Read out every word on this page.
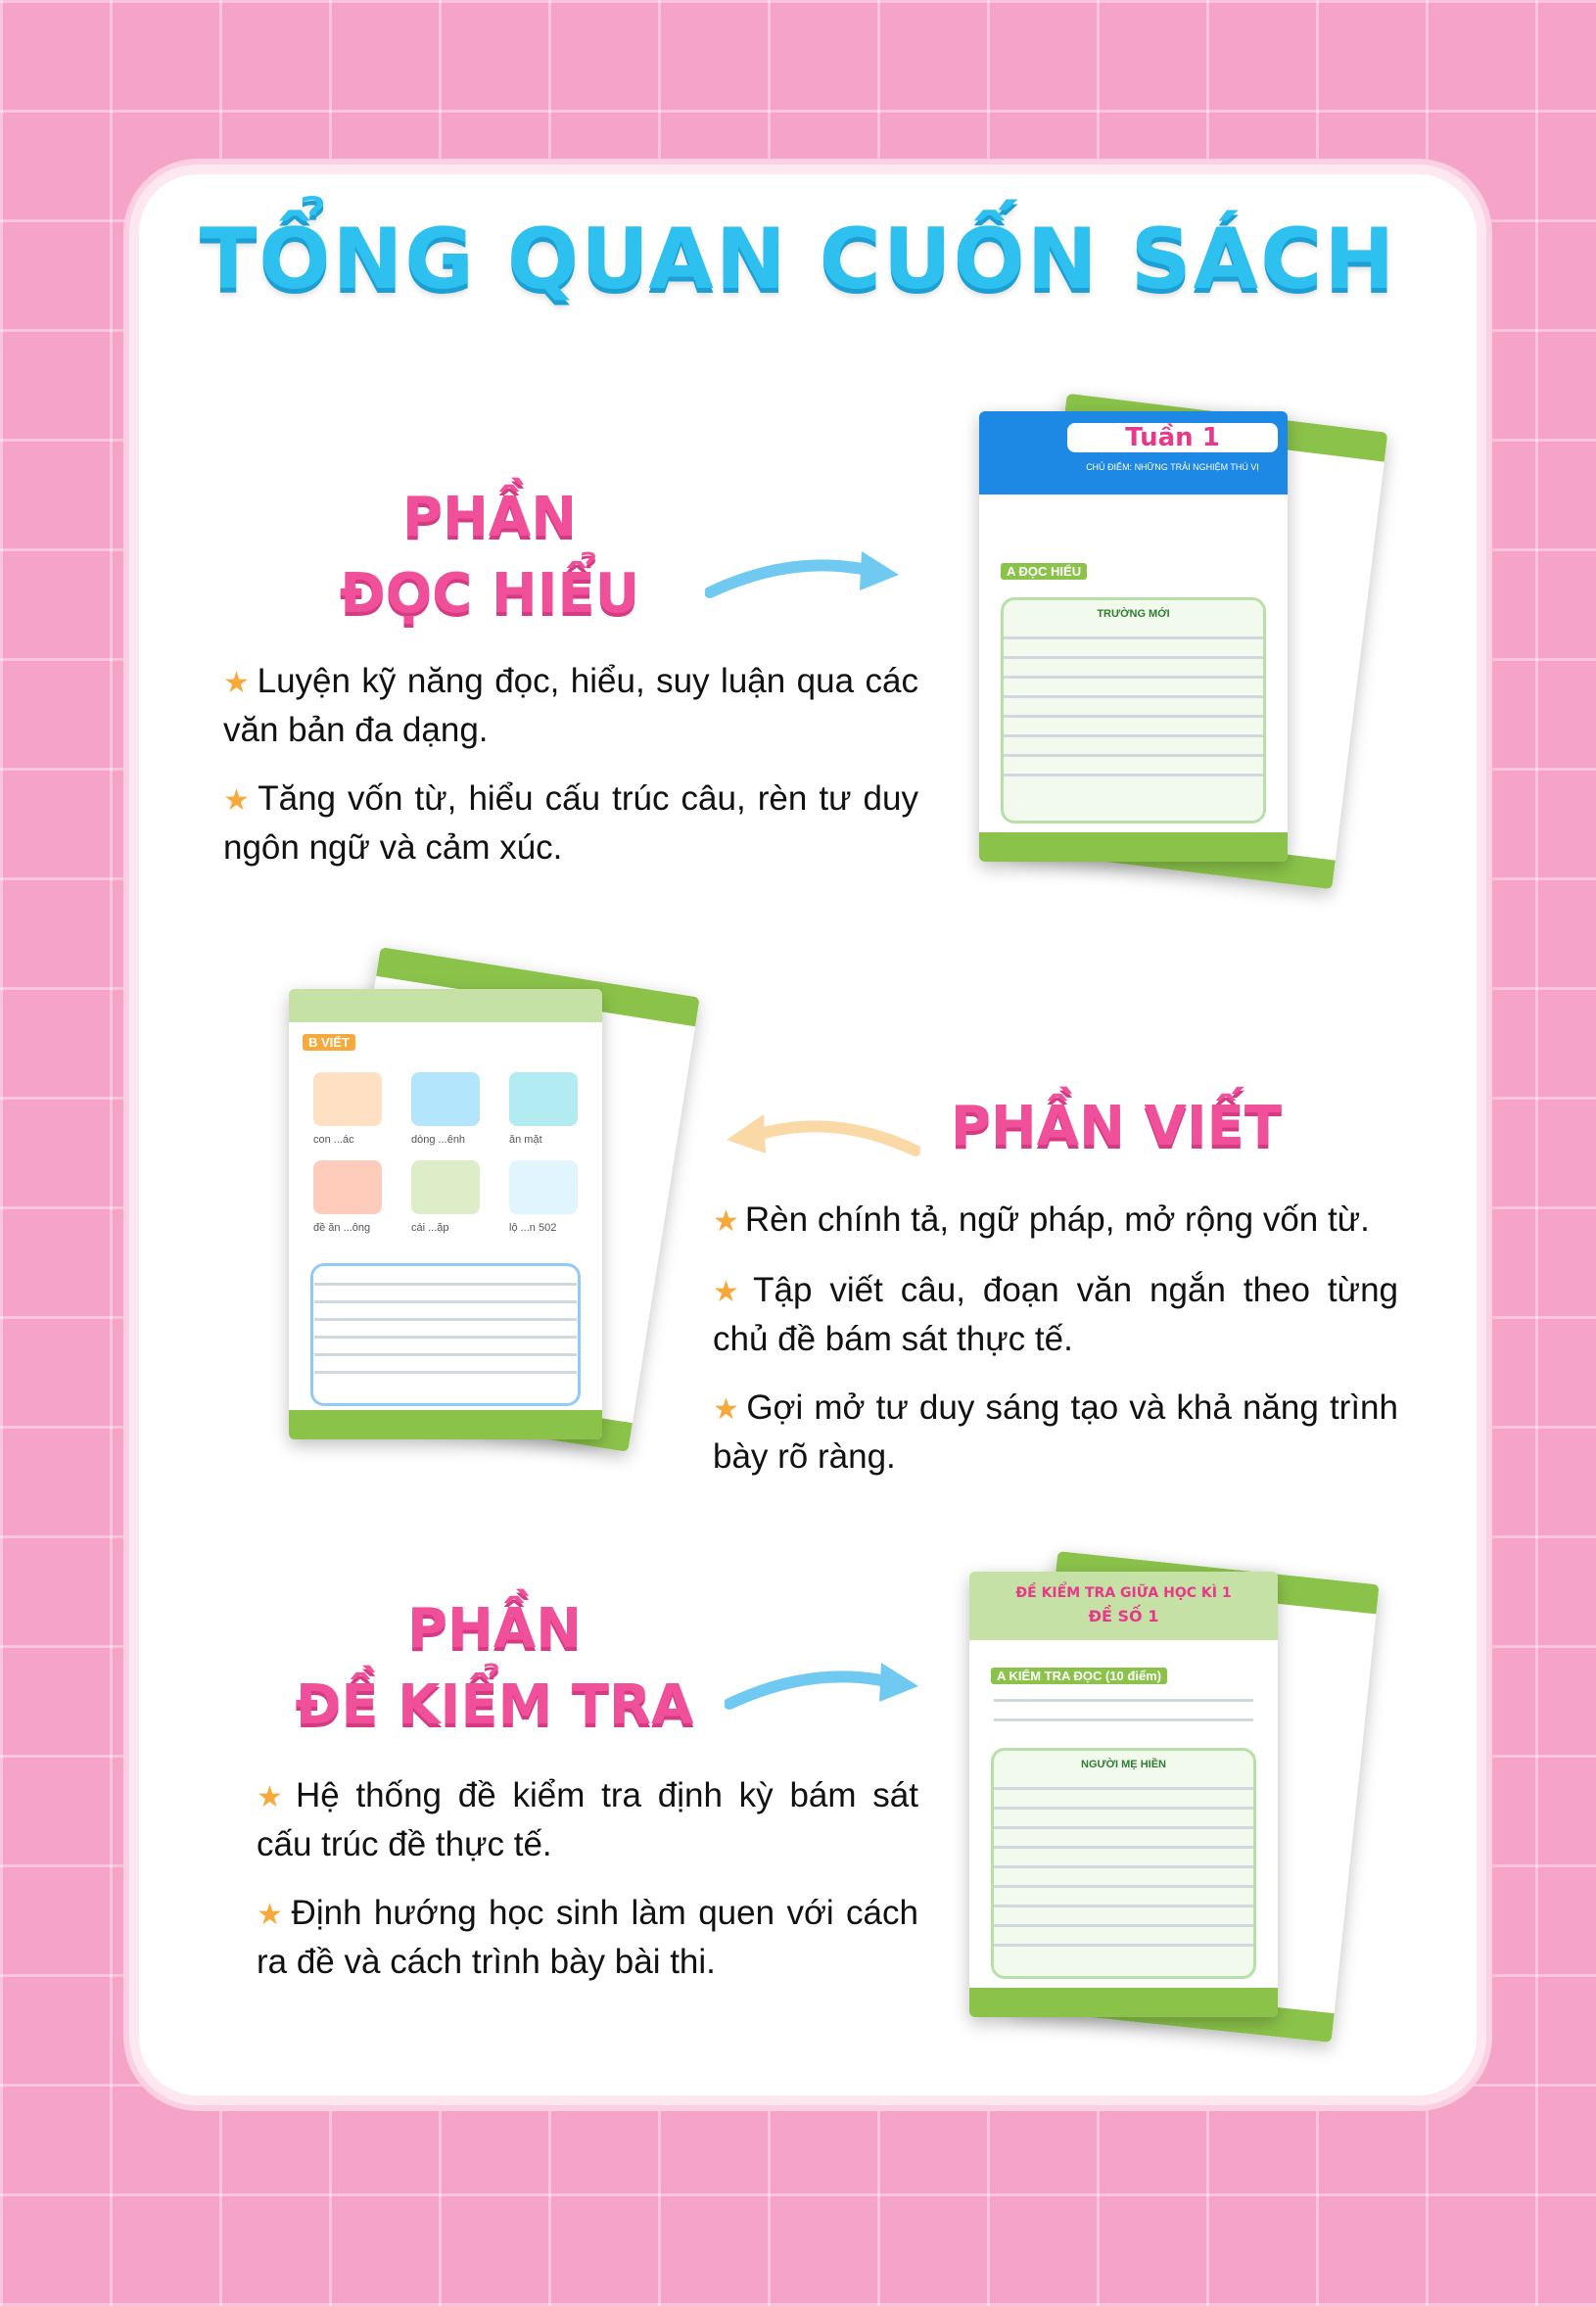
TỔNG QUAN CUỐN SÁCH
PHẦN
ĐỌC HIỂU

★ Luyện kỹ năng đọc, hiểu, suy luận qua các văn bản đa dạng.

★ Tăng vốn từ, hiểu cấu trúc câu, rèn tư duy ngôn ngữ và cảm xúc.

Tuần 1
CHỦ ĐIỂM: NHỮNG TRẢI NGHIỆM THÚ VỊ
A ĐỌC HIỂU
TRƯỜNG MỚI
PHẦN VIẾT

★ Rèn chính tả, ngữ pháp, mở rộng vốn từ.

★ Tập viết câu, đoạn văn ngắn theo từng chủ đề bám sát thực tế.

★ Gợi mở tư duy sáng tạo và khả năng trình bày rõ ràng.

B VIẾT
con ...ác	dòng ...ênh	ăn mặt
đề ăn ...ông	cái ...ặp	lộ ...n 502
PHẦN
ĐỀ KIỂM TRA

★ Hệ thống đề kiểm tra định kỳ bám sát cấu trúc đề thực tế.

★ Định hướng học sinh làm quen với cách ra đề và cách trình bày bài thi.

ĐỀ KIỂM TRA GIỮA HỌC KÌ 1
ĐỀ SỐ 1
A KIỂM TRA ĐỌC (10 điểm)
NGƯỜI MẸ HIỀN
